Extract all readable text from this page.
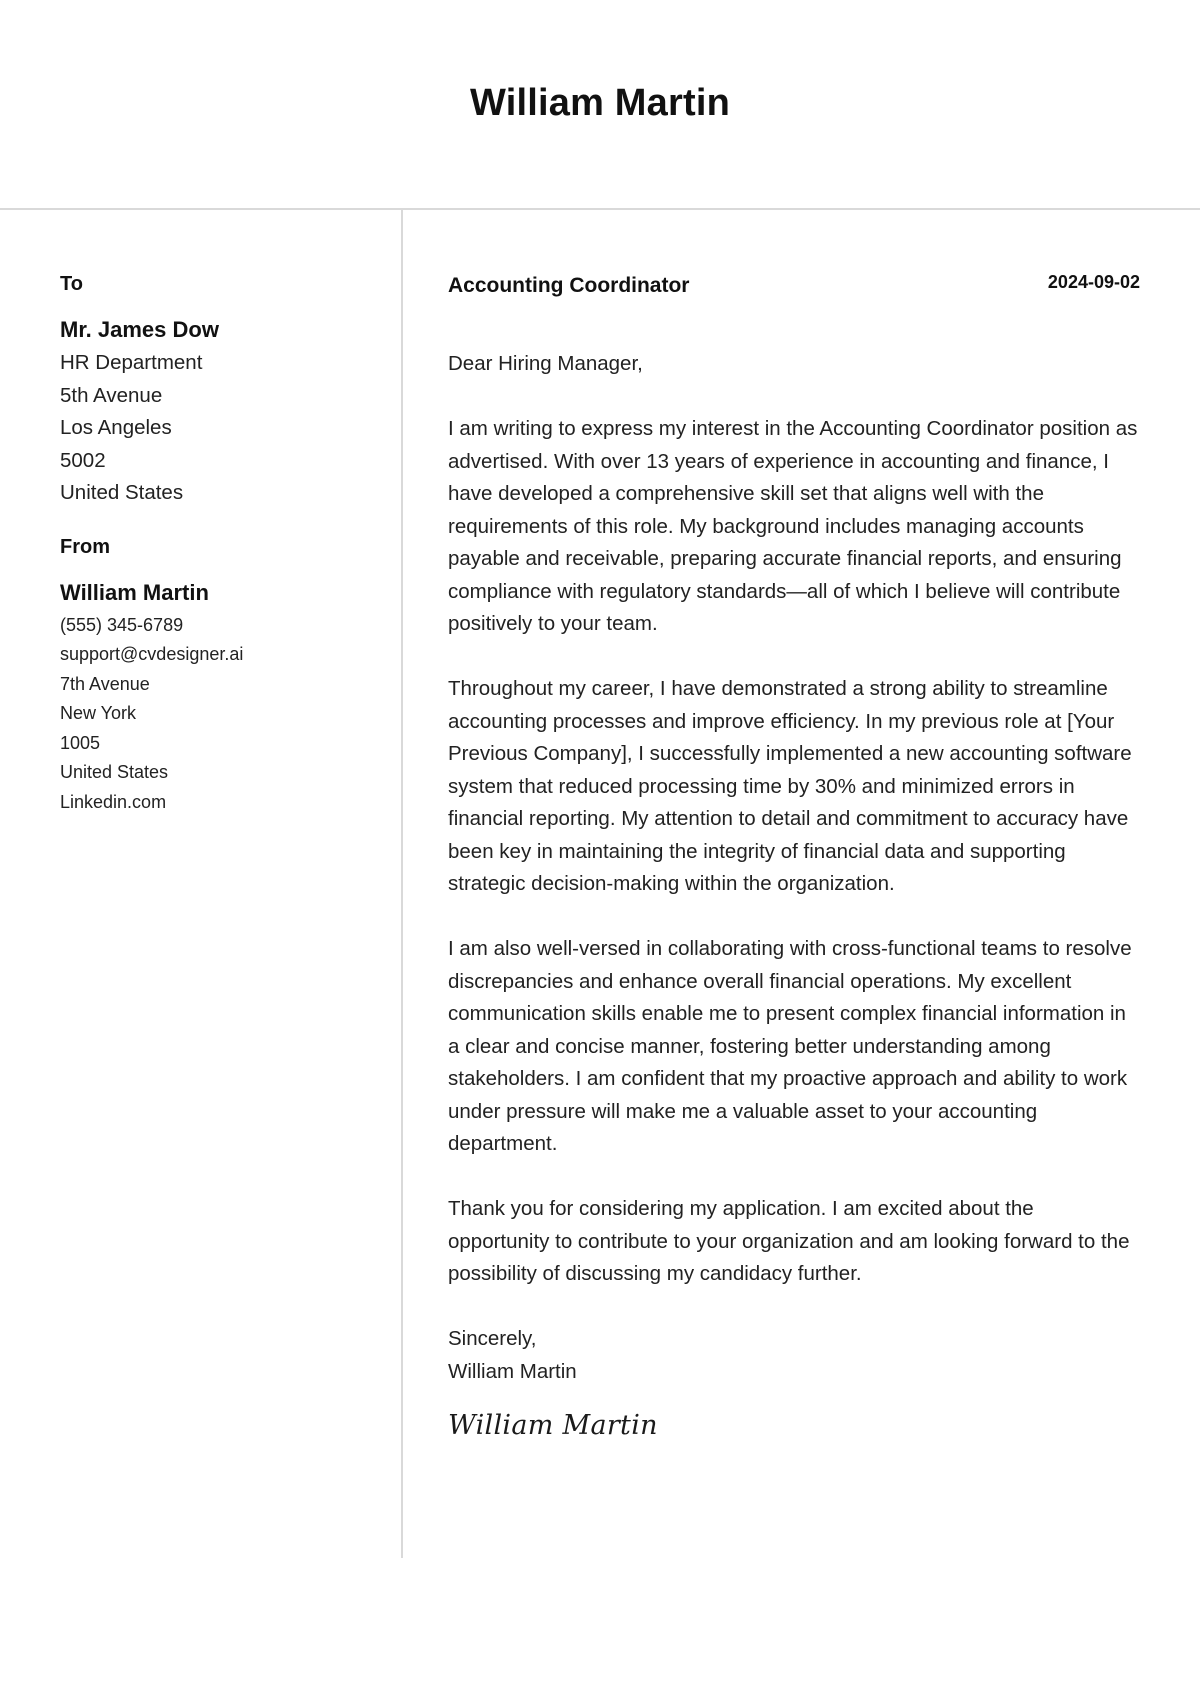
William Martin
To
Mr. James Dow
HR Department
5th Avenue
Los Angeles
5002
United States
From
William Martin
(555) 345-6789
support@cvdesigner.ai
7th Avenue
New York
1005
United States
Linkedin.com
Accounting Coordinator	2024-09-02

Dear Hiring Manager,

I am writing to express my interest in the Accounting Coordinator position as advertised. With over 13 years of experience in accounting and finance, I have developed a comprehensive skill set that aligns well with the requirements of this role. My background includes managing accounts payable and receivable, preparing accurate financial reports, and ensuring compliance with regulatory standards—all of which I believe will contribute positively to your team.

Throughout my career, I have demonstrated a strong ability to streamline accounting processes and improve efficiency. In my previous role at [Your Previous Company], I successfully implemented a new accounting software system that reduced processing time by 30% and minimized errors in financial reporting. My attention to detail and commitment to accuracy have been key in maintaining the integrity of financial data and supporting strategic decision-making within the organization.

I am also well-versed in collaborating with cross-functional teams to resolve discrepancies and enhance overall financial operations. My excellent communication skills enable me to present complex financial information in a clear and concise manner, fostering better understanding among stakeholders. I am confident that my proactive approach and ability to work under pressure will make me a valuable asset to your accounting department.

Thank you for considering my application. I am excited about the opportunity to contribute to your organization and am looking forward to the possibility of discussing my candidacy further.

Sincerely,
William Martin
William Martin
